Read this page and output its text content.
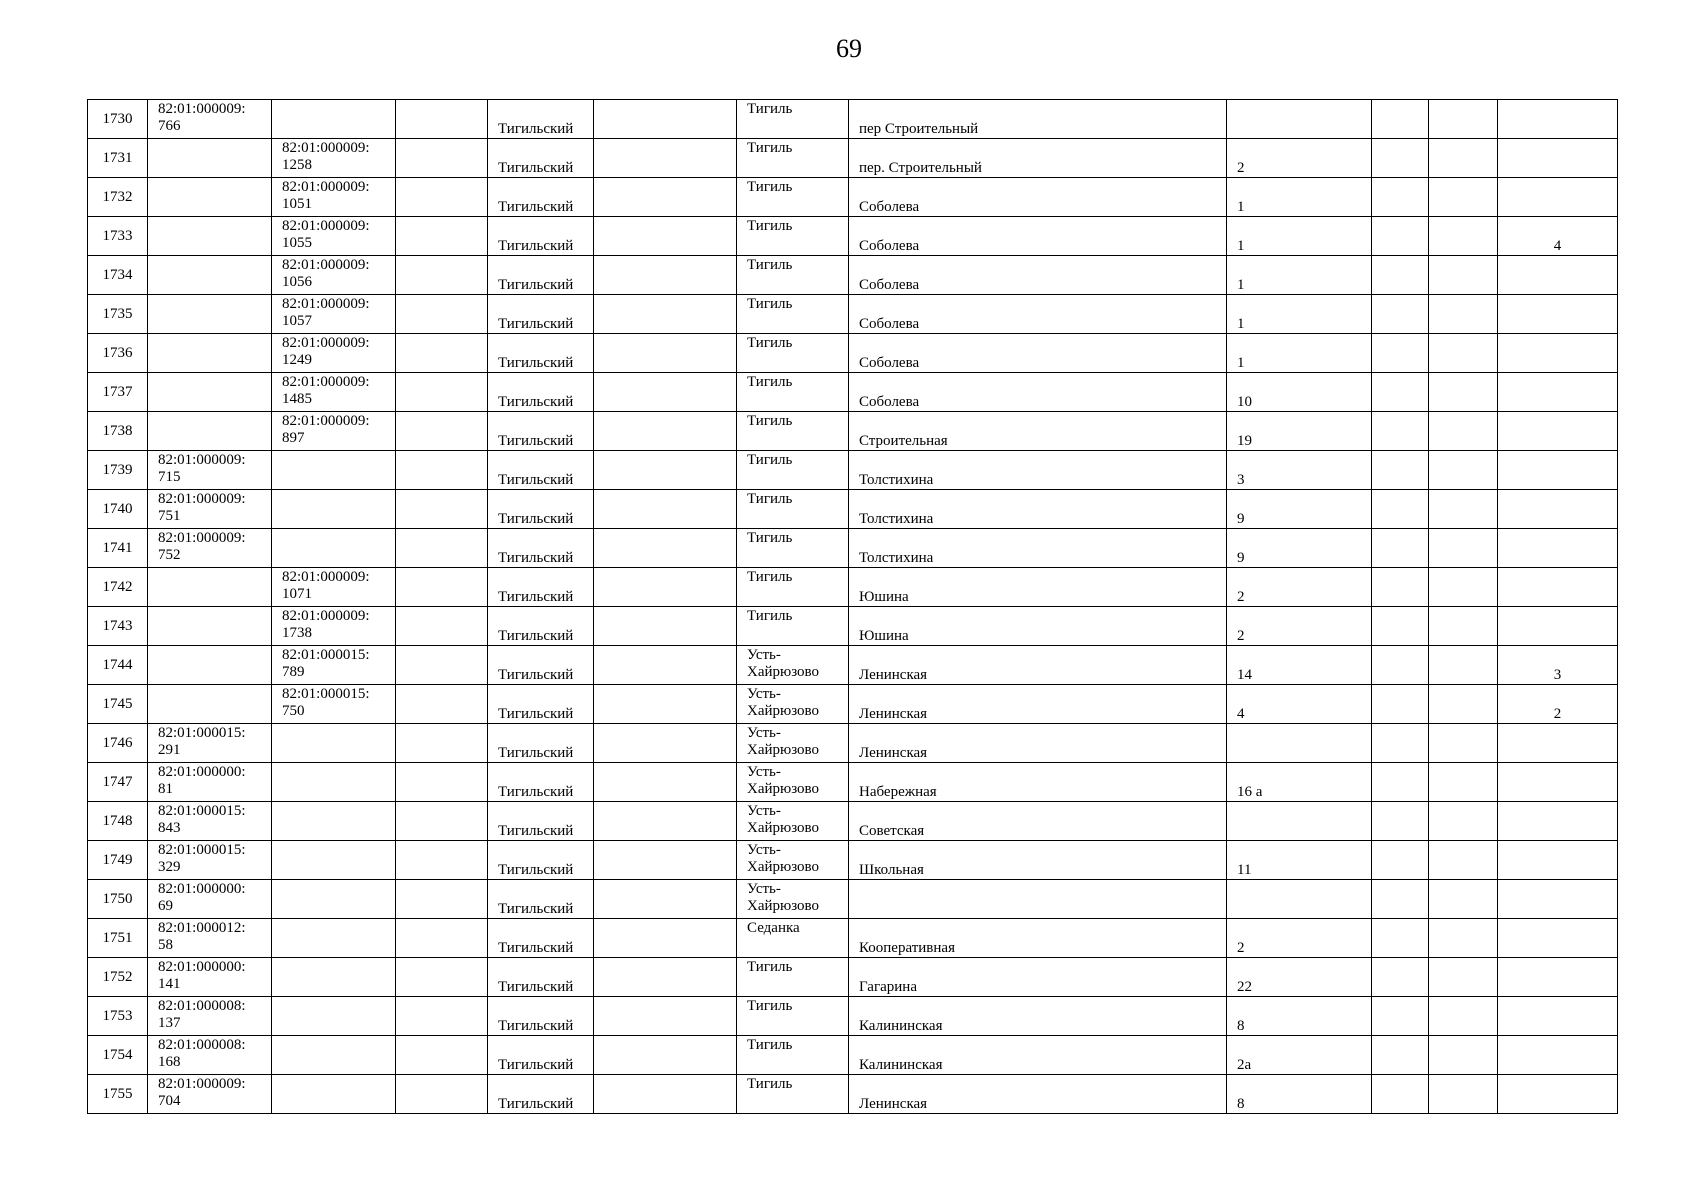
69
1730	82:01:000009:
766			Тигильский		Тигиль	пер Строительный				
1731		82:01:000009:
1258		Тигильский		Тигиль	пер. Строительный	2			
1732		82:01:000009:
1051		Тигильский		Тигиль	Соболева	1			
1733		82:01:000009:
1055		Тигильский		Тигиль	Соболева	1			4
1734		82:01:000009:
1056		Тигильский		Тигиль	Соболева	1			
1735		82:01:000009:
1057		Тигильский		Тигиль	Соболева	1			
1736		82:01:000009:
1249		Тигильский		Тигиль	Соболева	1			
1737		82:01:000009:
1485		Тигильский		Тигиль	Соболева	10			
1738		82:01:000009:
897		Тигильский		Тигиль	Строительная	19			
1739	82:01:000009:
715			Тигильский		Тигиль	Толстихина	3			
1740	82:01:000009:
751			Тигильский		Тигиль	Толстихина	9			
1741	82:01:000009:
752			Тигильский		Тигиль	Толстихина	9			
1742		82:01:000009:
1071		Тигильский		Тигиль	Юшина	2			
1743		82:01:000009:
1738		Тигильский		Тигиль	Юшина	2			
1744		82:01:000015:
789		Тигильский		Усть-
Хайрюзово	Ленинская	14			3
1745		82:01:000015:
750		Тигильский		Усть-
Хайрюзово	Ленинская	4			2
1746	82:01:000015:
291			Тигильский		Усть-
Хайрюзово	Ленинская				
1747	82:01:000000:
81			Тигильский		Усть-
Хайрюзово	Набережная	16 а			
1748	82:01:000015:
843			Тигильский		Усть-
Хайрюзово	Советская				
1749	82:01:000015:
329			Тигильский		Усть-
Хайрюзово	Школьная	11			
1750	82:01:000000:
69			Тигильский		Усть-
Хайрюзово					
1751	82:01:000012:
58			Тигильский		Седанка	Кооперативная	2			
1752	82:01:000000:
141			Тигильский		Тигиль	Гагарина	22			
1753	82:01:000008:
137			Тигильский		Тигиль	Калининская	8			
1754	82:01:000008:
168			Тигильский		Тигиль	Калининская	2а			
1755	82:01:000009:
704			Тигильский		Тигиль	Ленинская	8			
